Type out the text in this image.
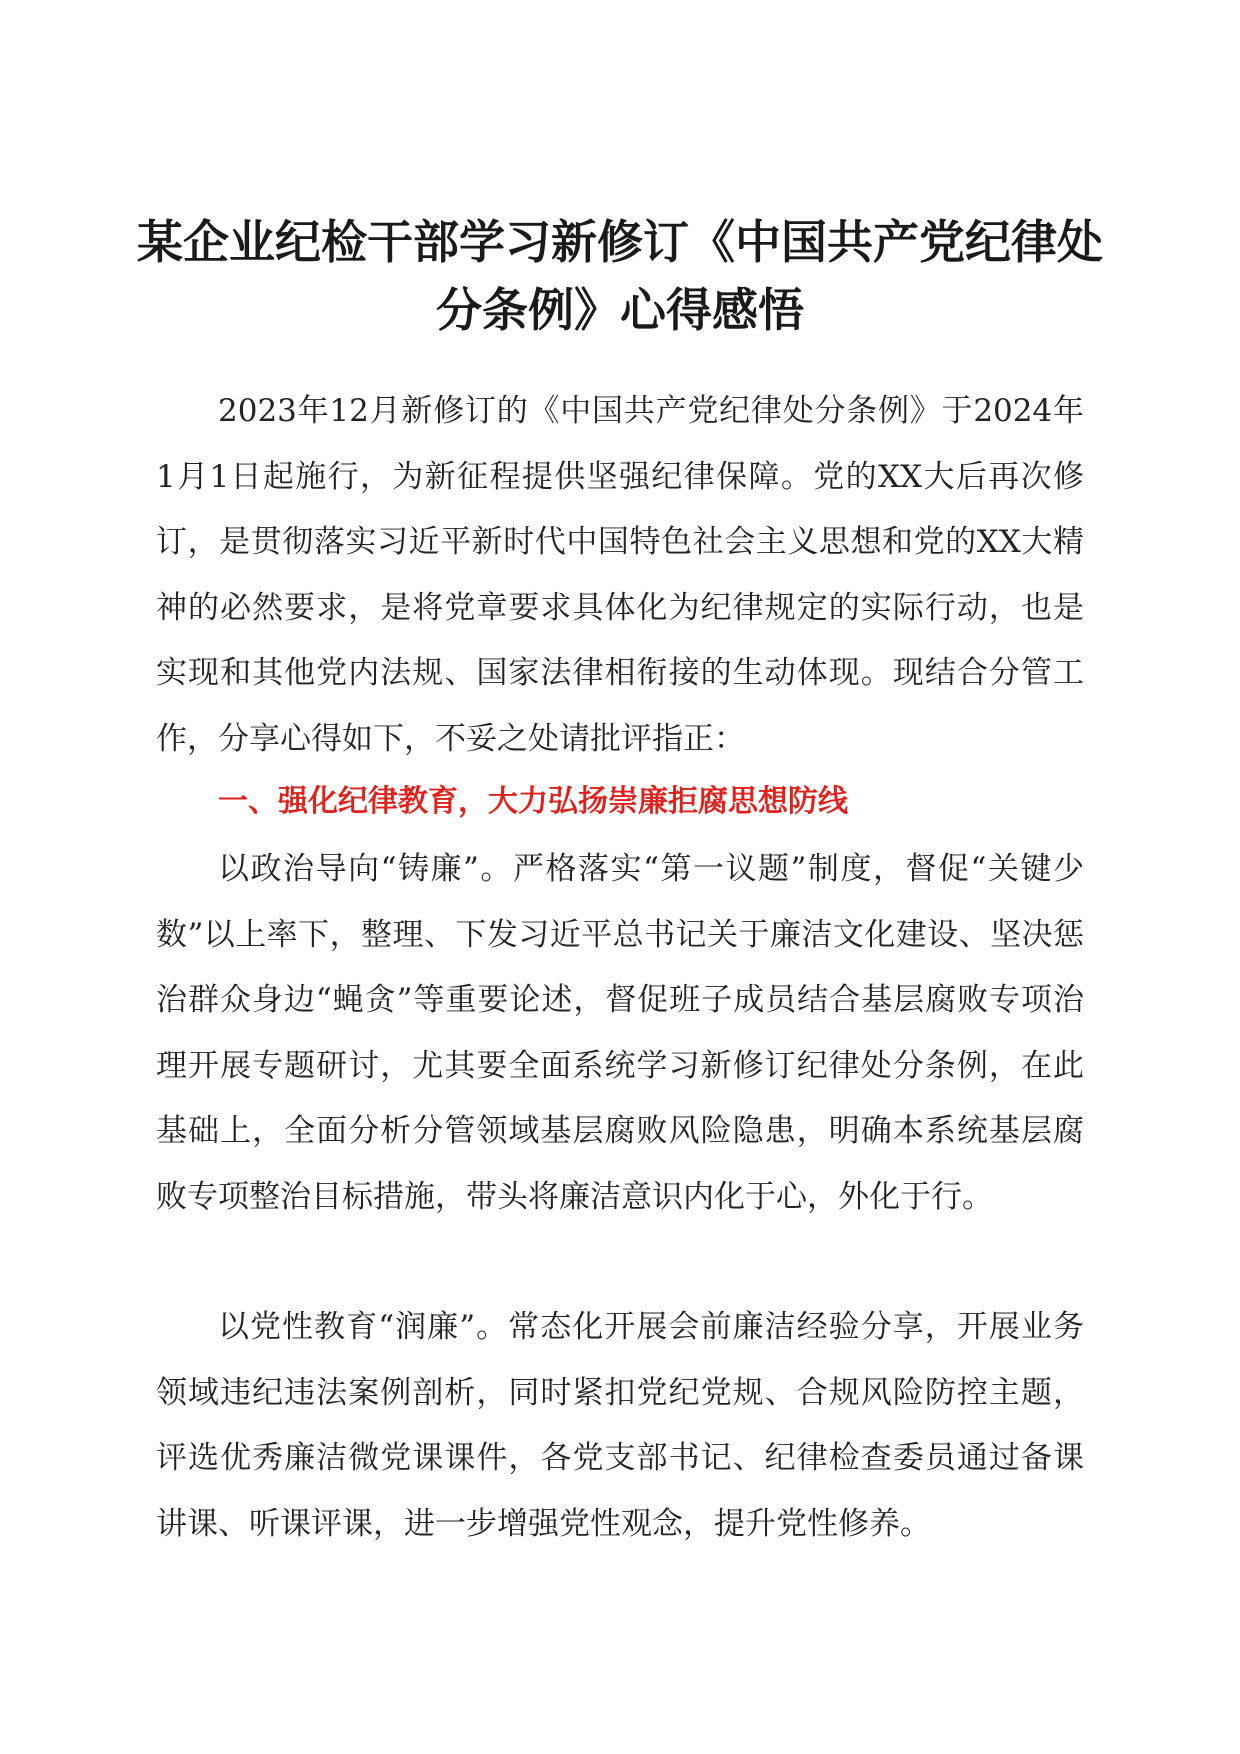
某企业纪检干部学习新修订《中国共产党纪律处分条例》心得感悟

2023年12月新修订的《中国共产党纪律处分条例》于2024年1月1日起施行，为新征程提供坚强纪律保障。党的XX大后再次修订，是贯彻落实习近平新时代中国特色社会主义思想和党的XX大精神的必然要求，是将党章要求具体化为纪律规定的实际行动，也是实现和其他党内法规、国家法律相衔接的生动体现。现结合分管工作，分享心得如下，不妥之处请批评指正：

一、强化纪律教育，大力弘扬崇廉拒腐思想防线

以政治导向“铸廉”。严格落实“第一议题”制度，督促“关键少数”以上率下，整理、下发习近平总书记关于廉洁文化建设、坚决惩治群众身边“蝇贪”等重要论述，督促班子成员结合基层腐败专项治理开展专题研讨，尤其要全面系统学习新修订纪律处分条例，在此基础上，全面分析分管领域基层腐败风险隐患，明确本系统基层腐败专项整治目标措施，带头将廉洁意识内化于心，外化于行。

以党性教育“润廉”。常态化开展会前廉洁经验分享，开展业务领域违纪违法案例剖析，同时紧扣党纪党规、合规风险防控主题，评选优秀廉洁微党课课件，各党支部书记、纪律检查委员通过备课讲课、听课评课，进一步增强党性观念，提升党性修养。
